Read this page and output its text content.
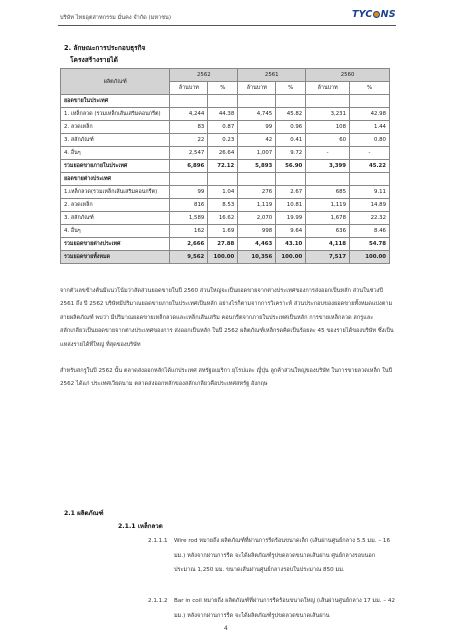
บริษัท ไทยอุตสาหกรรม มั่นคง จำกัด (มหาชน)	TYC NS
2. ลักษณะการประกอบธุรกิจ
โครงสร้างรายได้
ผลิตภัณฑ์	2562		2561		2560	
	ล้านบาท	%	ล้านบาท	%	ล้านบาท	%
ยอดขายในประเทศ						
1. เหล็กลวด (รวมเหล็กเส้นเสริมคอนกรีต)	4,244	44.38	4,745	45.82	3,231	42.98
2. ลวดเหล็ก	83	0.87	99	0.96	108	1.44
3. สลักภัณฑ์	22	0.23	42	0.41	60	0.80
4. อื่นๆ	2,547	26.64	1,007	9.72	-	-
รวมยอดขายภายในประเทศ	6,896	72.12	5,893	56.90	3,399	45.22
ยอดขายต่างประเทศ						
1.เหล็กลวด(รวมเหล็กเส้นเสริมคอนกรีต)	99	1.04	276	2.67	685	9.11
2. ลวดเหล็ก	816	8.53	1,119	10.81	1,119	14.89
3. สลักภัณฑ์	1,589	16.62	2,070	19.99	1,678	22.32
4. อื่นๆ	162	1.69	998	9.64	636	8.46
รวมยอดขายต่างประเทศ	2,666	27.88	4,463	43.10	4,118	54.78
รวมยอดขายทั้งหมด	9,562	100.00	10,356	100.00	7,517	100.00

จากตัวเลขข้างต้นมีแนวโน้มว่าสัดส่วนยอดขายในปี 2560 ส่วนใหญ่จะเป็นยอดขายจากต่างประเทศของการส่งออกเป็นหลัก ส่วนในช่วงปี 2561 ถึง ปี 2562 บริษัทมีปริมาณยอดขายภายในประเทศเป็นหลัก อย่างไรก็ตามจากการวิเคราะห์ ส่วนประกอบของยอดขายทั้งหมดแบ่งตามสายผลิตภัณฑ์ พบว่า มีปริมาณยอดขายเหล็กลวดและเหล็กเส้นเสริม คอนกรีตจากภายในประเทศเป็นหลัก การขายเหล็กลวด สกรูและสลักเกลียวเป็นยอดขายจากต่างประเทศของการ ส่งออกเป็นหลัก ในปี 2562 ผลิตภัณฑ์เหล็กรดคิดเป็นร้อยละ 45 ของรายได้ของบริษัท ซึ่งเป็นแหล่งรายได้ที่ใหญ่ ที่สุดของบริษัท

สำหรับสกรูในปี 2562 นั้น ตลาดส่งออกหลักได้แก่ประเทศ สหรัฐอเมริกา ยุโรปและ ญี่ปุ่น ลูกค้าส่วนใหญ่ของบริษัท ในการขายลวดเหล็ก ในปี 2562 ได้แก่ ประเทศเวียดนาม ตลาดส่งออกหลักของสลักเกลียวคือประเทศสหรัฐ อังกฤษ

2.1 ผลิตภัณฑ์
2.1.1 เหล็กลวด
2.1.1.1	Wire rod หมายถึง ผลิตภัณฑ์ที่ผ่านการรีดร้อนขนาดเล็ก (เส้นผ่านศูนย์กลาง 5.5 มม. – 16 มม.) หลังจากผ่านการรีด จะได้ผลิตภัณฑ์รูปขดลวดขนาดเส้นผ่าน ศูนย์กลางรอบนอกประมาณ 1,250 มม. ขนาดเส้นผ่านศูนย์กลางรอบในประมาณ 850 มม.
2.1.1.2	Bar in coil หมายถึง ผลิตภัณฑ์ที่ผ่านการรีดร้อนขนาดใหญ่ (เส้นผ่านศูนย์กลาง 17 มม. – 42 มม.) หลังจากผ่านการรีด จะได้ผลิตภัณฑ์รูปขดลวดขนาดเส้นผ่าน
4
